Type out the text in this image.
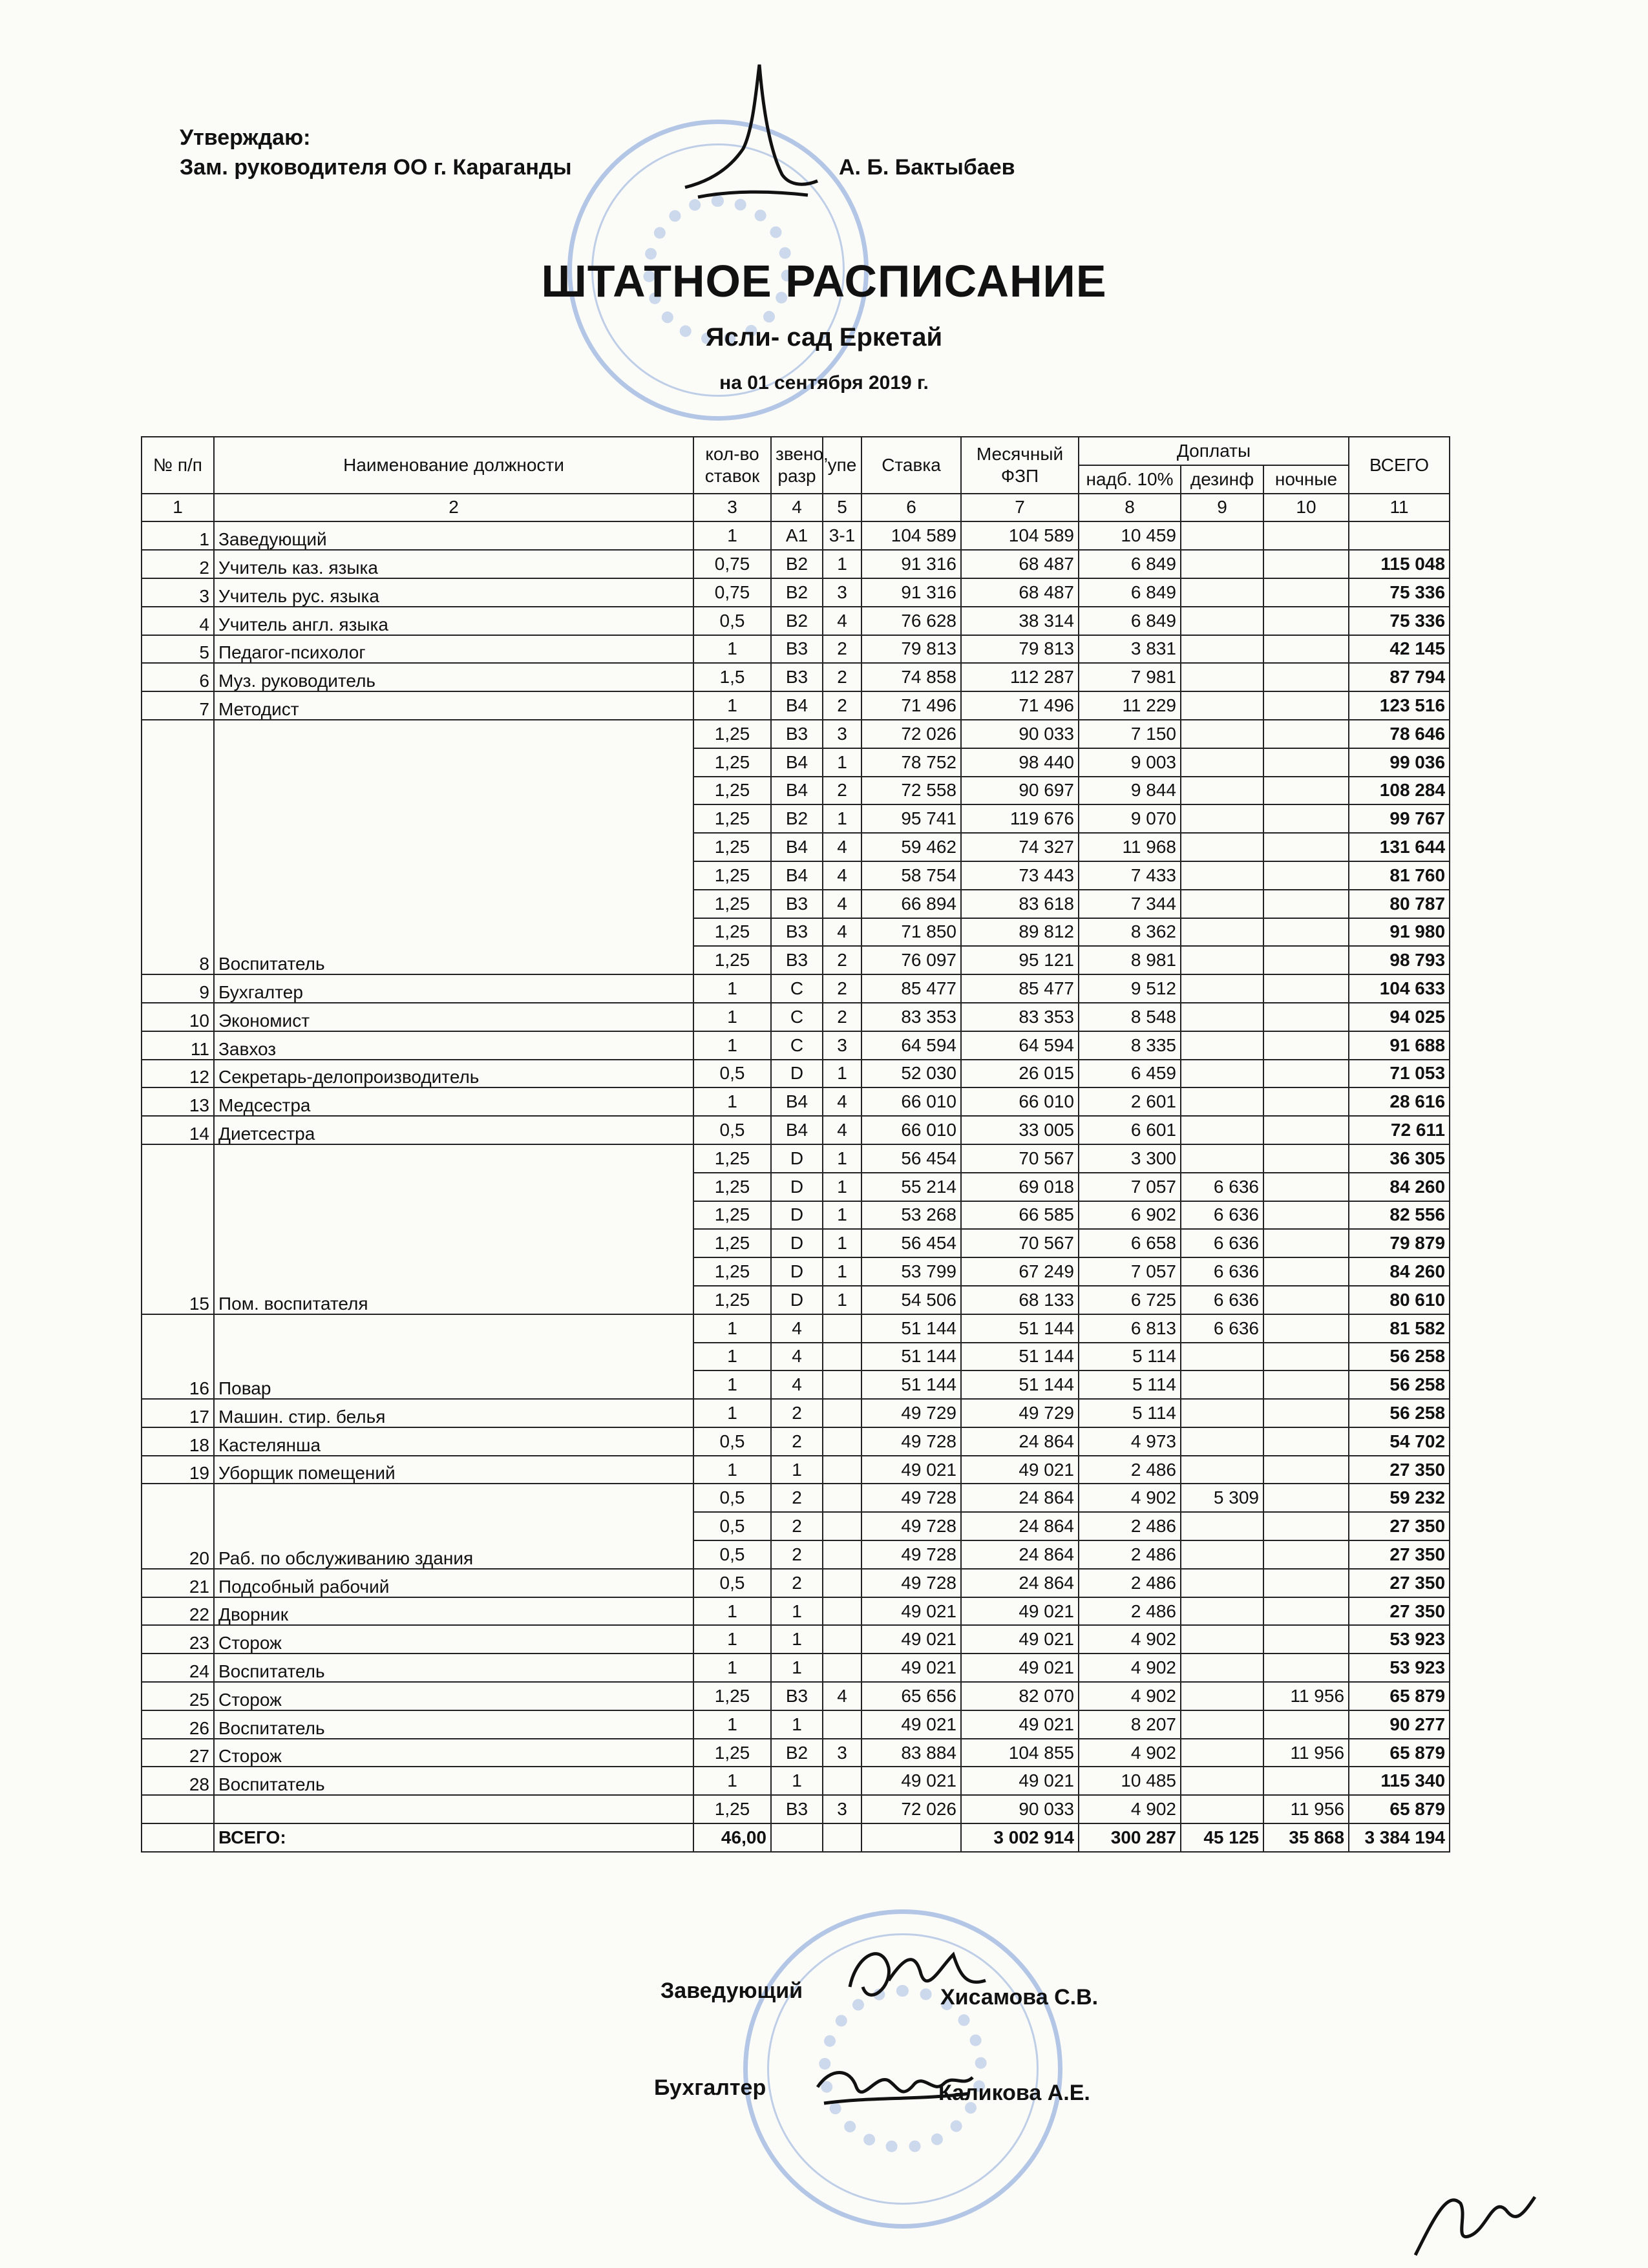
Утверждаю:
Зам. руководителя ОО г. Караганды	А. Б. Бактыбаев
ШТАТНОЕ РАСПИСАНИЕ
Ясли- сад Еркетай
на 01 сентября 2019 г.
№ п/п	Наименование должности	кол-во ставок	звено, разр	упе	Ставка	Месячный ФЗП	Доплаты			ВСЕГО
							надб. 10%	дезинф	ночные	
1	2	3	4	5	6	7	8	9	10	11
1	Заведующий	1	A1	3-1	104 589	104 589	10 459			
2	Учитель каз. языка	0,75	B2	1	91 316	68 487	6 849			115 048
3	Учитель рус. языка	0,75	B2	3	91 316	68 487	6 849			75 336
4	Учитель англ. языка	0,5	B2	4	76 628	38 314	6 849			75 336
5	Педагог-психолог	1	B3	2	79 813	79 813	3 831			42 145
6	Муз. руководитель	1,5	B3	2	74 858	112 287	7 981			87 794
7	Методист	1	B4	2	71 496	71 496	11 229			123 516
8	Воспитатель	1,25	B3	3	72 026	90 033	7 150			78 646
		1,25	B4	1	78 752	98 440	9 003			99 036
		1,25	B4	2	72 558	90 697	9 844			108 284
		1,25	B2	1	95 741	119 676	9 070			99 767
		1,25	B4	4	59 462	74 327	11 968			131 644
		1,25	B4	4	58 754	73 443	7 433			81 760
		1,25	B3	4	66 894	83 618	7 344			80 787
		1,25	B3	4	71 850	89 812	8 362			91 980
		1,25	B3	2	76 097	95 121	8 981			98 793
9	Бухгалтер	1	C	2	85 477	85 477	9 512			104 633
10	Экономист	1	C	2	83 353	83 353	8 548			94 025
11	Завхоз	1	C	3	64 594	64 594	8 335			91 688
12	Секретарь-делопроизводитель	0,5	D	1	52 030	26 015	6 459			71 053
13	Медсестра	1	B4	4	66 010	66 010	2 601			28 616
14	Диетсестра	0,5	B4	4	66 010	33 005	6 601			72 611
15	Пом. воспитателя	1,25	D	1	56 454	70 567	3 300			36 305
		1,25	D	1	55 214	69 018	7 057	6 636		84 260
		1,25	D	1	53 268	66 585	6 902	6 636		82 556
		1,25	D	1	56 454	70 567	6 658	6 636		79 879
		1,25	D	1	53 799	67 249	7 057	6 636		84 260
		1,25	D	1	54 506	68 133	6 725	6 636		80 610
16	Повар	1	4		51 144	51 144	6 813	6 636		81 582
		1	4		51 144	51 144	5 114			56 258
		1	4		51 144	51 144	5 114			56 258
17	Машин. стир. белья	1	2		49 729	49 729	5 114			56 258
18	Кастелянша	0,5	2		49 728	24 864	4 973			54 702
19	Уборщик помещений	1	1		49 021	49 021	2 486			27 350
20	Раб. по обслуживанию здания	0,5	2		49 728	24 864	4 902	5 309		59 232
		0,5	2		49 728	24 864	2 486			27 350
		0,5	2		49 728	24 864	2 486			27 350
21	Подсобный рабочий	0,5	2		49 728	24 864	2 486			27 350
22	Дворник	1	1		49 021	49 021	2 486			27 350
23	Сторож	1	1		49 021	49 021	4 902			53 923
24	Воспитатель	1	1		49 021	49 021	4 902			53 923
25	Сторож	1,25	B3	4	65 656	82 070	4 902		11 956	65 879
26	Воспитатель	1	1		49 021	49 021	8 207			90 277
27	Сторож	1,25	B2	3	83 884	104 855	4 902		11 956	65 879
28	Воспитатель	1	1		49 021	49 021	10 485			115 340
		1,25	B3	3	72 026	90 033	4 902		11 956	65 879
	ВСЕГО:	46,00				3 002 914	300 287	45 125	35 868	3 384 194
Заведующий	Хисамова С.В.
Бухгалтер	Каликова А.Е.
